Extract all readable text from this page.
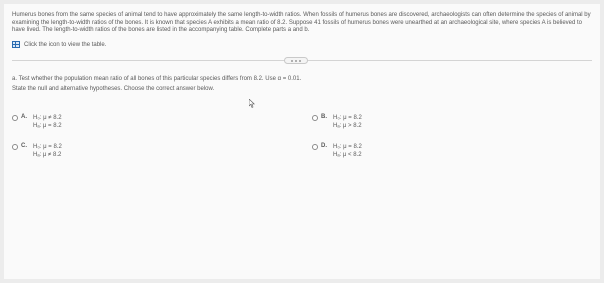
Humerus bones from the same species of animal tend to have approximately the same length-to-width ratios. When fossils of humerus bones are discovered, archaeologists can often determine the species of animal by examining the length-to-width ratios of the bones. It is known that species A exhibits a mean ratio of 8.2. Suppose 41 fossils of humerus bones were unearthed at an archaeological site, where species A is believed to have lived. The length-to-width ratios of the bones are listed in the accompanying table. Complete parts a and b.

Click the icon to view the table.

a. Test whether the population mean ratio of all bones of this particular species differs from 8.2. Use α = 0.01.

State the null and alternative hypotheses. Choose the correct answer below.

A.	H₀: μ ≠ 8.2
Hₐ: μ = 8.2
B.	H₀: μ = 8.2
Hₐ: μ > 8.2
C.	H₀: μ = 8.2
Hₐ: μ ≠ 8.2
D.	H₀: μ = 8.2
Hₐ: μ < 8.2
